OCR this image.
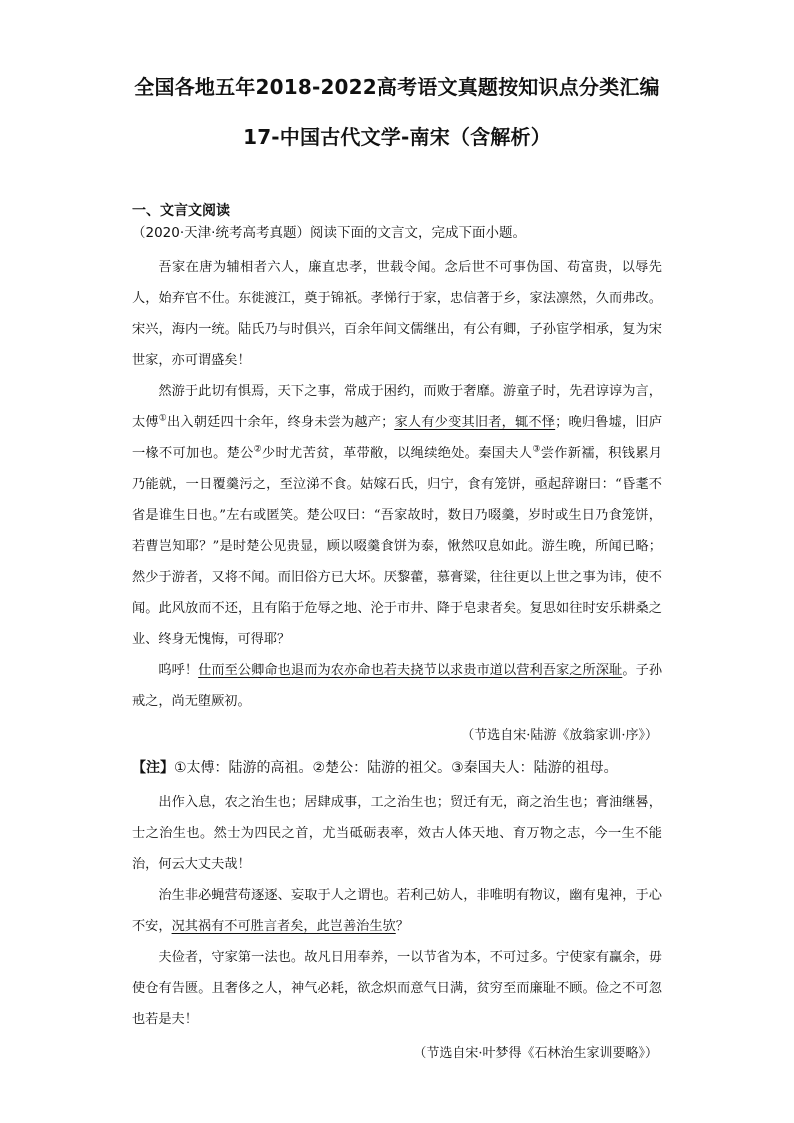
全国各地五年2018-2022高考语文真题按知识点分类汇编
17-中国古代文学-南宋（含解析）
一、文言文阅读
（2020·天津·统考高考真题）阅读下面的文言文，完成下面小题。

吾家在唐为辅相者六人，廉直忠孝，世载令闻。念后世不可事伪国、苟富贵，以辱先人，始弃官不仕。东徙渡江，奠于锦祇。孝悌行于家，忠信著于乡，家法凛然，久而弗改。宋兴，海内一统。陆氏乃与时俱兴，百余年间文儒继出，有公有卿，子孙宦学相承，复为宋世家，亦可谓盛矣！

然游于此切有惧焉，天下之事，常成于困约，而败于奢靡。游童子时，先君谆谆为言，太傅①出入朝廷四十余年，终身未尝为越产；家人有少变其旧者，辄不怿；晚归鲁墟，旧庐一椽不可加也。楚公②少时尤苦贫，革带敝，以绳续绝处。秦国夫人③尝作新襦，积钱累月乃能就，一日覆羹污之，至泣涕不食。姑嫁石氏，归宁，食有笼饼，亟起辞谢曰：“昏耄不省是谁生日也。”左右或匿笑。楚公叹曰：“吾家故时，数日乃啜羹，岁时或生日乃食笼饼，若曹岂知耶？”是时楚公见贵显，顾以啜羹食饼为泰，愀然叹息如此。游生晚，所闻已略；然少于游者，又将不闻。而旧俗方已大坏。厌黎藿，慕膏粱，往往更以上世之事为讳，使不闻。此风放而不还，且有陷于危辱之地、沦于市井、降于皂隶者矣。复思如往时安乐耕桑之业、终身无愧悔，可得耶？

呜呼！仕而至公卿命也退而为农亦命也若夫挠节以求贵市道以营利吾家之所深耻。子孙戒之，尚无堕厥初。

（节选自宋·陆游《放翁家训·序》）
【注】①太傅：陆游的高祖。②楚公：陆游的祖父。③秦国夫人：陆游的祖母。

出作入息，农之治生也；居肆成事，工之治生也；贸迁有无，商之治生也；膏油继晷，士之治生也。然士为四民之首，尤当砥砺表率，效古人体天地、育万物之志，今一生不能治，何云大丈夫哉！

治生非必蝇营苟逐逐、妄取于人之谓也。若利己妨人，非唯明有物议，幽有鬼神，于心不安，况其祸有不可胜言者矣，此岂善治生欤？

夫俭者，守家第一法也。故凡日用奉养，一以节省为本，不可过多。宁使家有赢余，毋使仓有告匮。且奢侈之人，神气必耗，欲念炽而意气日满，贫穷至而廉耻不顾。俭之不可忽也若是夫！

（节选自宋·叶梦得《石林治生家训要略》）
